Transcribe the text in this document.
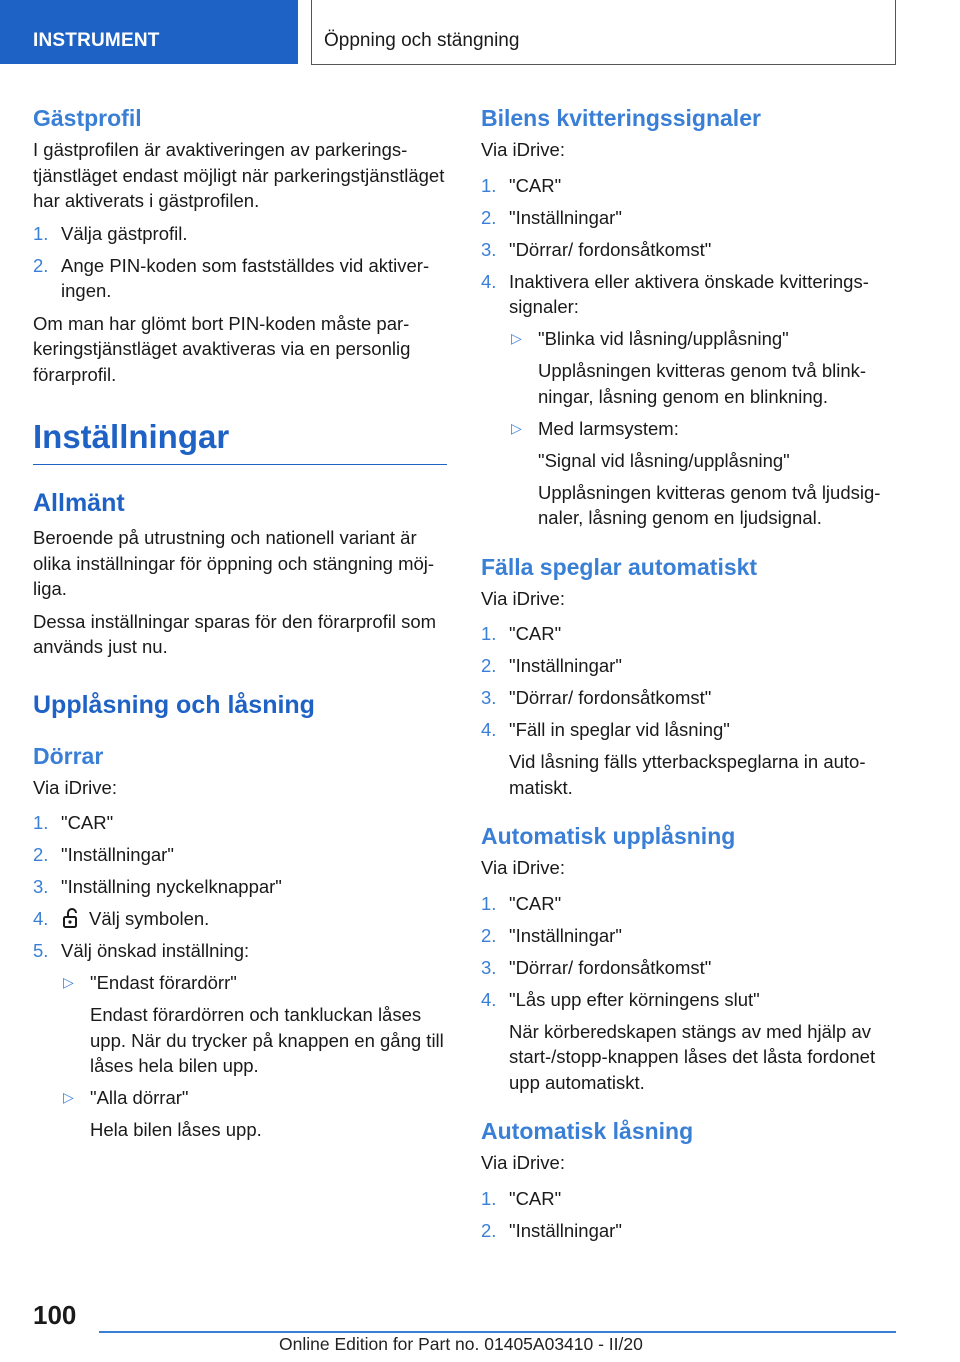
INSTRUMENT	Öppning och stängning
Gästprofil

I gästprofilen är avaktiveringen av parkeringstjänstläget endast möjligt när parkeringstjänstläget har aktiverats i gästprofilen.

1. Välja gästprofil.
2. Ange PIN-koden som fastställdes vid aktiveringen.

Om man har glömt bort PIN-koden måste parkeringstjänstläget avaktiveras via en personlig förarprofil.

Inställningar
Allmänt

Beroende på utrustning och nationell variant är olika inställningar för öppning och stängning möjliga.

Dessa inställningar sparas för den förarprofil som används just nu.

Upplåsning och låsning
Dörrar

Via iDrive:

1. "CAR"
2. "Inställningar"
3. "Inställning nyckelknappar"
4. Välj symbolen.
5. Välj önskad inställning:
▷ "Endast förardörr"
Endast förardörren och tankluckan låses upp. När du trycker på knappen en gång till låses hela bilen upp.
▷ "Alla dörrar"
Hela bilen låses upp.
Bilens kvitteringssignaler

Via iDrive:

1. "CAR"
2. "Inställningar"
3. "Dörrar/ fordonsåtkomst"
4. Inaktivera eller aktivera önskade kvitteringssignaler:
▷ "Blinka vid låsning/upplåsning"
Upplåsningen kvitteras genom två blinkningar, låsning genom en blinkning.
▷ Med larmsystem:
"Signal vid låsning/upplåsning"
Upplåsningen kvitteras genom två ljudsignaler, låsning genom en ljudsignal.
Fälla speglar automatiskt

Via iDrive:

1. "CAR"
2. "Inställningar"
3. "Dörrar/ fordonsåtkomst"
4. "Fäll in speglar vid låsning"
Vid låsning fälls ytterbackspeglarna in automatiskt.
Automatisk upplåsning

Via iDrive:

1. "CAR"
2. "Inställningar"
3. "Dörrar/ fordonsåtkomst"
4. "Lås upp efter körningens slut"
När körberedskapen stängs av med hjälp av start-/stopp-knappen låses det låsta fordonet upp automatiskt.
Automatisk låsning

Via iDrive:

1. "CAR"
2. "Inställningar"
100
Online Edition for Part no. 01405A03410 - II/20
